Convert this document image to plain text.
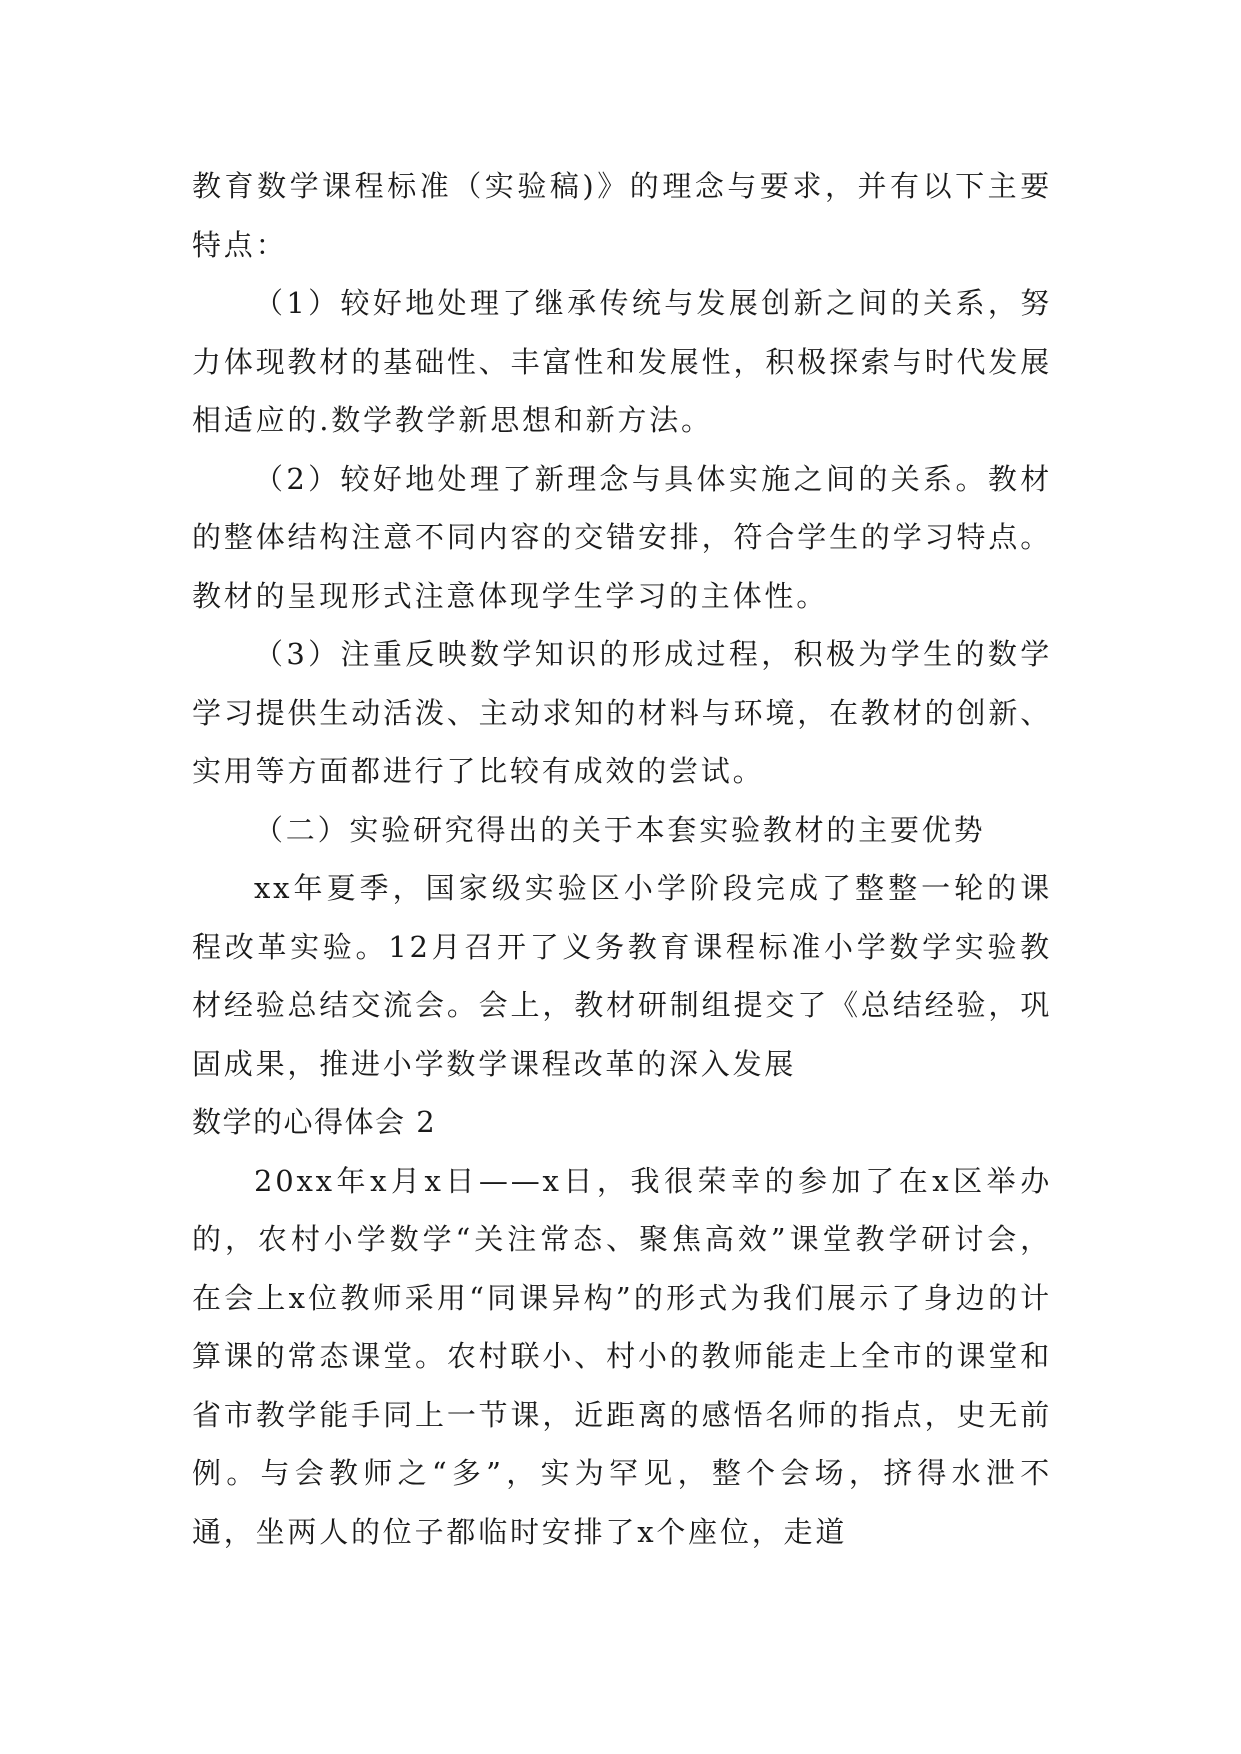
教育数学课程标准（实验稿)》的理念与要求，并有以下主要特点：

（1）较好地处理了继承传统与发展创新之间的关系，努力体现教材的基础性、丰富性和发展性，积极探索与时代发展相适应的.数学教学新思想和新方法。

（2）较好地处理了新理念与具体实施之间的关系。教材的整体结构注意不同内容的交错安排，符合学生的学习特点。教材的呈现形式注意体现学生学习的主体性。

（3）注重反映数学知识的形成过程，积极为学生的数学学习提供生动活泼、主动求知的材料与环境，在教材的创新、实用等方面都进行了比较有成效的尝试。

（二）实验研究得出的关于本套实验教材的主要优势

xx年夏季，国家级实验区小学阶段完成了整整一轮的课程改革实验。12月召开了义务教育课程标准小学数学实验教材经验总结交流会。会上，教材研制组提交了《总结经验，巩固成果，推进小学数学课程改革的深入发展

数学的心得体会 2

20xx年x月x日——x日，我很荣幸的参加了在x区举办的，农村小学数学“关注常态、聚焦高效”课堂教学研讨会，在会上x位教师采用“同课异构”的形式为我们展示了身边的计算课的常态课堂。农村联小、村小的教师能走上全市的课堂和省市教学能手同上一节课，近距离的感悟名师的指点，史无前例。与会教师之“多”，实为罕见，整个会场，挤得水泄不通，坐两人的位子都临时安排了x个座位，走道
